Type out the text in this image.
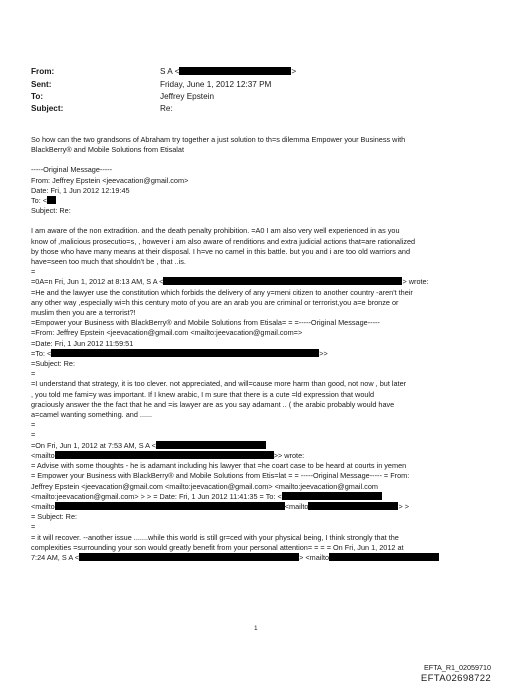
From:	S A <	>
Sent:	Friday, June 1, 2012 12:37 PM
To:	Jeffrey Epstein
Subject:	Re:
So how can the two grandsons of Abraham try together a just solution to th=s dilemma Empower your Business with
BlackBerry® and Mobile Solutions from Etisalat
-----Original Message-----
From: Jeffrey Epstein <jeevacation@gmail.com>
Date: Fri, 1 Jun 2012 12:19:45
To: <
Subject: Re:
I am aware of the non extradition. and the death penalty prohibition. =A0 I am also very well experienced in as you
know of ,malicious prosecutio=s, , however i am also aware of renditions and extra judicial actions that=are rationalized
by those who have many means at their disposal. I h=ve no camel in this battle. but you and i are too old warriors and
have=seen too much that shouldn't be , that ..is.
=
=0A=n Fri, Jun 1, 2012 at 8:13 AM, S A <	> wrote:
=He and the lawyer use the constitution which forbids the delivery of any y=meni citizen to another country -aren't their
any other way ,especially wi=h this century moto of you are an arab you are criminal or terrorist,you a=e bronze or
muslim then you are a terrorist?!
=Empower your Business with BlackBerry® and Mobile Solutions from Etisala= = =-----Original Message-----
=From: Jeffrey Epstein <jeevacation@gmail.com <mailto:jeevacation@gmail.com=>
=Date: Fri, 1 Jun 2012 11:59:51
=To: <	>>
=Subject: Re:
=
=I understand that strategy, it is too clever. not appreciated, and will=cause more harm than good, not now , but later
, you told me fami=y was important. If I knew arabic, I m sure that there is a cute =ld expression that would
graciously answer the the fact that he and =is lawyer are as you say adamant .. ( the arabic probably would have
a=camel wanting something. and ......
=
=
=On Fri, Jun 1, 2012 at 7:53 AM, S A <
<mailto	>> wrote:
= Advise with some thoughts - he is adamant including his lawyer that =he coart case to be heard at courts in yemen
= Empower your Business with BlackBerry® and Mobile Solutions from Etis=lat = = -----Original Message----- = From:
Jeffrey Epstein <jeevacation@gmail.com <mailto:jeevacation@gmail.com> <mailto:jeevacation@gmail.com
<mailto:jeevacation@gmail.com> > > = Date: Fri, 1 Jun 2012 11:41:35 = To: <
<mailto	<mailto	> >
= Subject: Re:
=
= it will recover. --another issue .......while this world is still gr=ced with your physical being, I think strongly that the
complexities =surrounding your son would greatly benefit from your personal attention= = = = On Fri, Jun 1, 2012 at
7:24 AM, S A <	> <mailto
1
EFTA_R1_02059710
EFTA02698722
